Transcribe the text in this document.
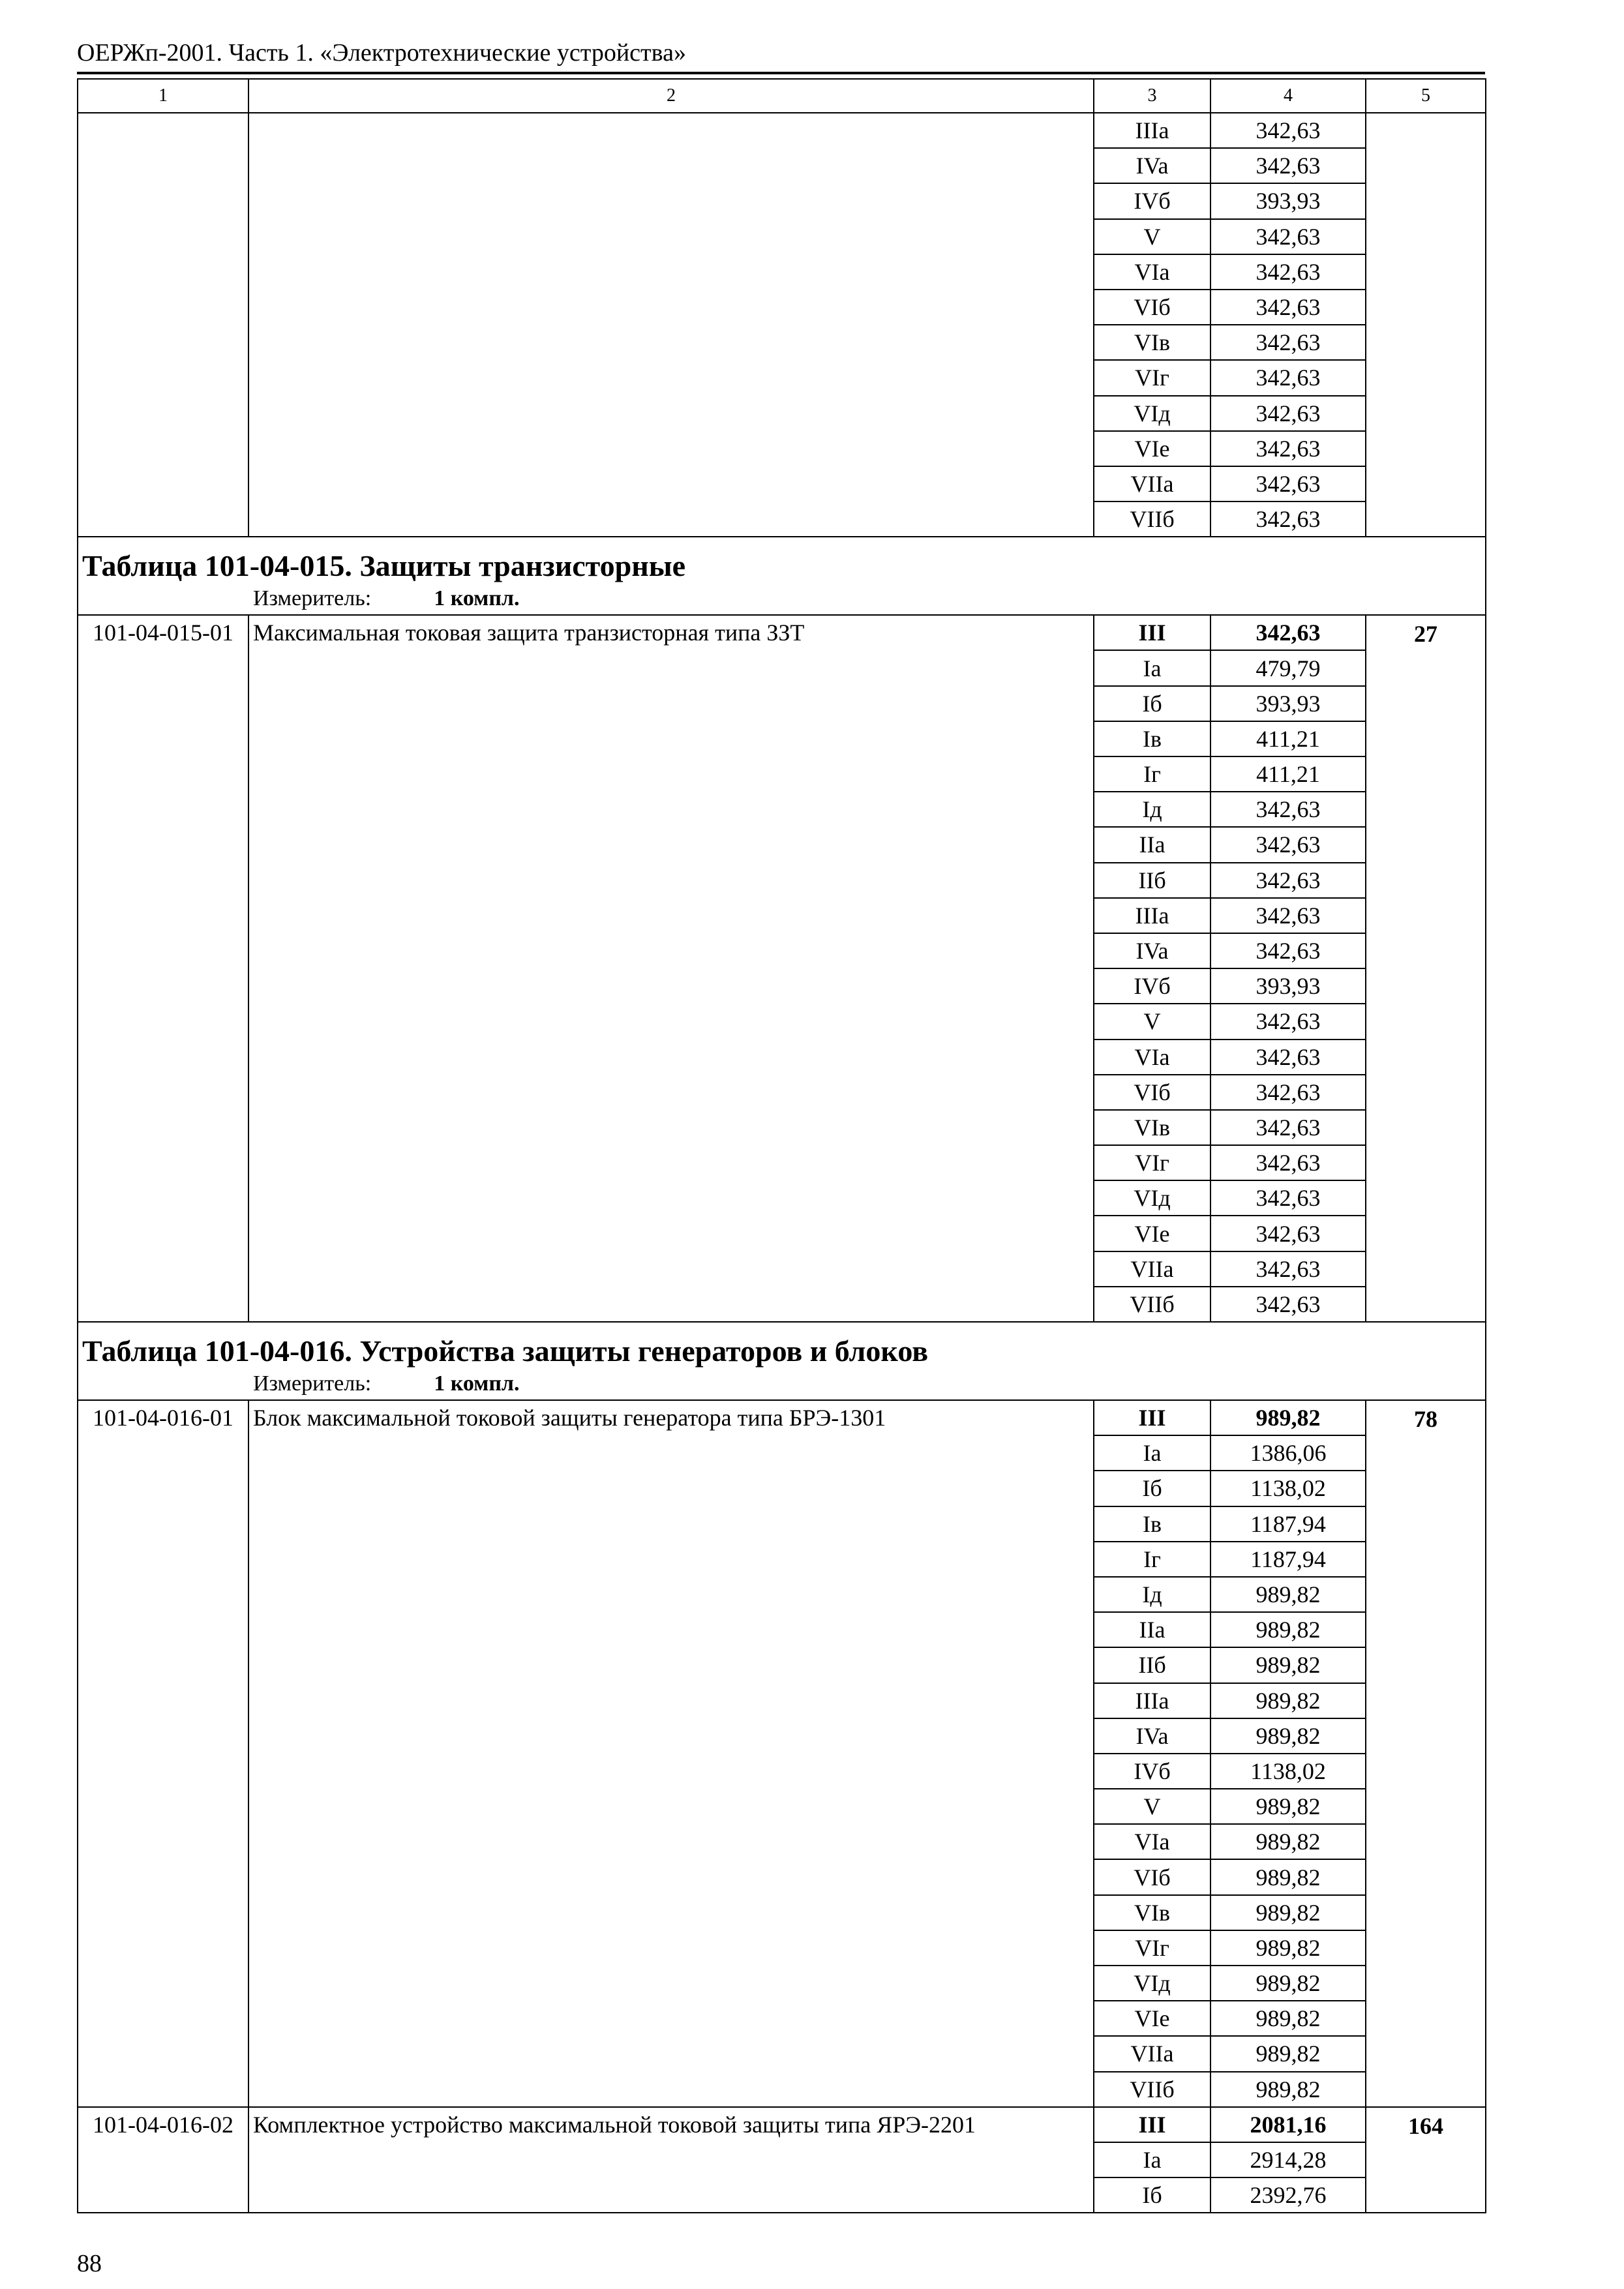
ОЕРЖп-2001. Часть 1. «Электротехнические устройства»
1	2	3	4	5
		IIIa	342,63	
		IVa	342,63	
		IVб	393,93	
		V	342,63	
		VIa	342,63	
		VIб	342,63	
		VIв	342,63	
		VIг	342,63	
		VIд	342,63	
		VIe	342,63	
		VIIa	342,63	
		VIIб	342,63	
Таблица 101-04-015. Защиты транзисторные				
Измеритель: 1 компл.				
101-04-015-01	Максимальная токовая защита транзисторная типа ЗЗТ	III	342,63	27
		Ia	479,79	
		Iб	393,93	
		Iв	411,21	
		Iг	411,21	
		Iд	342,63	
		IIa	342,63	
		IIб	342,63	
		IIIa	342,63	
		IVa	342,63	
		IVб	393,93	
		V	342,63	
		VIa	342,63	
		VIб	342,63	
		VIв	342,63	
		VIг	342,63	
		VIд	342,63	
		VIe	342,63	
		VIIa	342,63	
		VIIб	342,63	
Таблица 101-04-016. Устройства защиты генераторов и блоков				
Измеритель: 1 компл.				
101-04-016-01	Блок максимальной токовой защиты генератора типа БРЭ-1301	III	989,82	78
		Ia	1386,06	
		Iб	1138,02	
		Iв	1187,94	
		Iг	1187,94	
		Iд	989,82	
		IIa	989,82	
		IIб	989,82	
		IIIa	989,82	
		IVa	989,82	
		IVб	1138,02	
		V	989,82	
		VIa	989,82	
		VIб	989,82	
		VIв	989,82	
		VIг	989,82	
		VIд	989,82	
		VIe	989,82	
		VIIa	989,82	
		VIIб	989,82	
101-04-016-02	Комплектное устройство максимальной токовой защиты типа ЯРЭ-2201	III	2081,16	164
		Ia	2914,28	
		Iб	2392,76	
88
